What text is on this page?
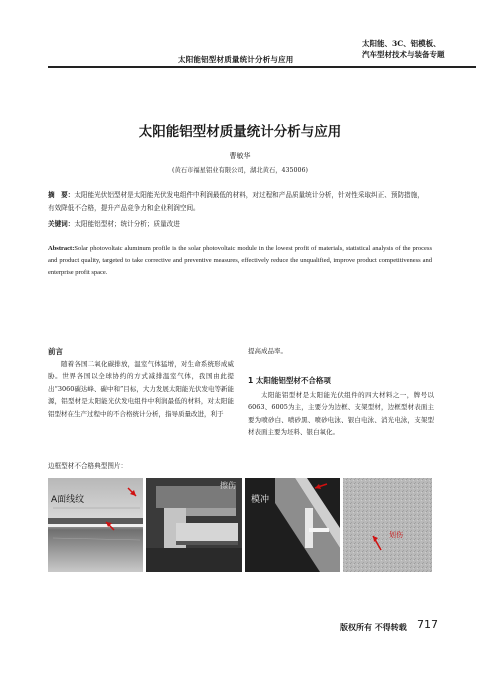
太阳能、3C、铝模板、
汽车型材技术与装备专题
太阳能铝型材质量统计分析与应用
太阳能铝型材质量统计分析与应用
曹敏华
(黄石市福星铝业有限公司，湖北黄石，435006)
摘　要：太阳能光伏铝型材是太阳能光伏发电组件中利润最低的材料，对过程和产品质量统计分析，针对性采取纠正、预防措施，有效降低不合格，提升产品竞争力和企业利润空间。
关键词：太阳能铝型材；统计分析；质量改进
Abstract:Solar photovoltaic aluminum profile is the solar photovoltaic module in the lowest profit of materials, statistical analysis of the process and product quality, targeted to take corrective and preventive measures, effectively reduce the unqualified, improve product competitiveness and enterprise profit space.
前言
随着各国二氧化碳排放，温室气体猛增，对生命系统形成威胁。世界各国以全球协约的方式减排温室气体，我国由此提出“3060碳达峰、碳中和”目标，大力发展太阳能光伏发电等新能源，铝型材是太阳能光伏发电组件中利润最低的材料，对太阳能铝型材在生产过程中的不合格统计分析，指导质量改进，利于
提高成品率。
1 太阳能铝型材不合格项
太阳能铝型材是太阳能光伏组件的四大材料之一，牌号以6063、6005为主，主要分为边框、支架型材，边框型材表面主要为喷砂白、喷砂黑、喷砂电泳、银白电泳、消光电泳，支架型材表面主要为坯料、银白氧化。
边框型材不合格典型图片：
A面线纹
擦伤
模冲
划伤
版权所有 不得转载 717
